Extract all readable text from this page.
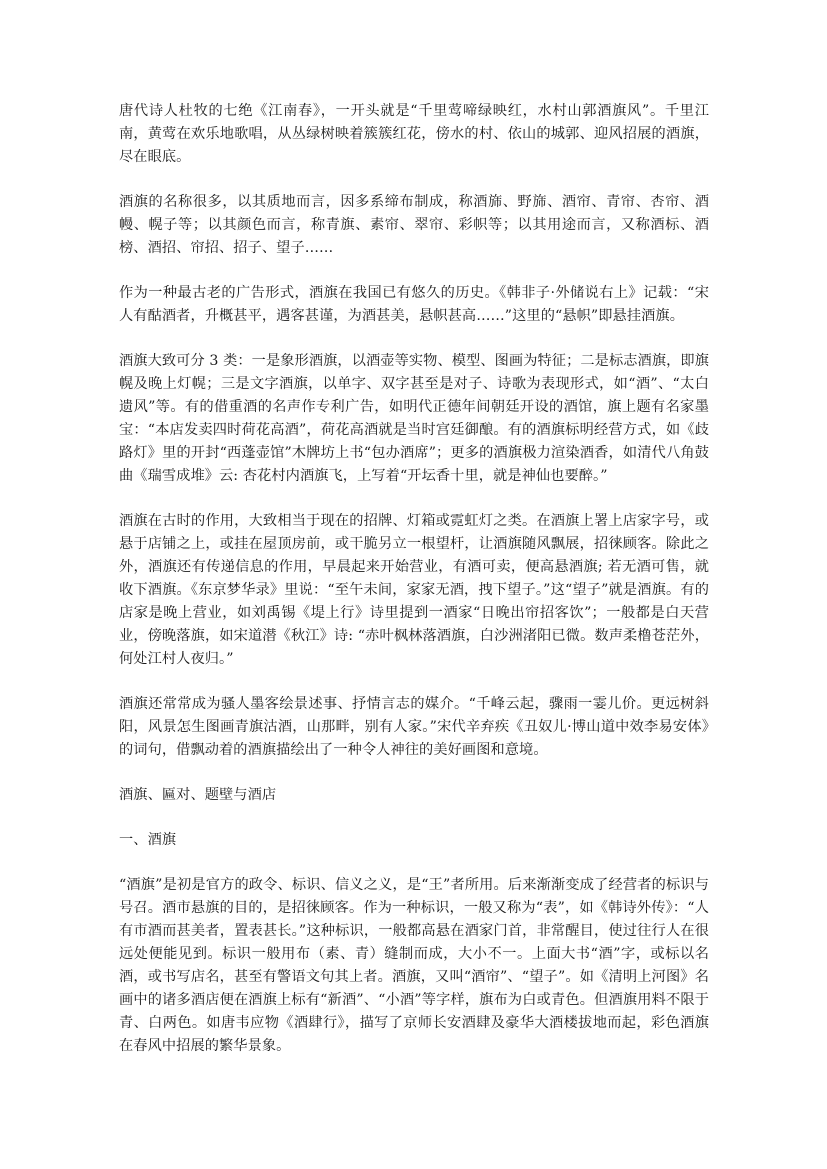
唐代诗人杜牧的七绝《江南春》，一开头就是“千里莺啼绿映红，水村山郭酒旗风”。千里江南，黄莺在欢乐地歌唱，从丛绿树映着簇簇红花，傍水的村、依山的城郭、迎风招展的酒旗，尽在眼底。

酒旗的名称很多，以其质地而言，因多系缔布制成，称酒旆、野旆、酒帘、青帘、杏帘、酒幔、幌子等；以其颜色而言，称青旗、素帘、翠帘、彩帜等；以其用途而言，又称酒标、酒榜、酒招、帘招、招子、望子……

作为一种最古老的广告形式，酒旗在我国已有悠久的历史。《韩非子·外储说右上》记载：“宋人有酤酒者，升概甚平，遇客甚谨，为酒甚美，悬帜甚高……”这里的“悬帜”即悬挂酒旗。

酒旗大致可分 3 类：一是象形酒旗，以酒壶等实物、模型、图画为特征；二是标志酒旗，即旗幌及晚上灯幌；三是文字酒旗，以单字、双字甚至是对子、诗歌为表现形式，如“酒”、“太白遗风”等。有的借重酒的名声作专利广告，如明代正德年间朝廷开设的酒馆，旗上题有名家墨宝：“本店发卖四时荷花高酒”，荷花高酒就是当时宫廷御酿。有的酒旗标明经营方式，如《歧路灯》里的开封“西蓬壶馆”木牌坊上书“包办酒席”；更多的酒旗极力渲染酒香，如清代八角鼓曲《瑞雪成堆》云: 杏花村内酒旗飞，上写着“开坛香十里，就是神仙也要醉。”

酒旗在古时的作用，大致相当于现在的招牌、灯箱或霓虹灯之类。在酒旗上署上店家字号，或悬于店铺之上，或挂在屋顶房前，或干脆另立一根望杆，让酒旗随风飘展，招徕顾客。除此之外，酒旗还有传递信息的作用，早晨起来开始营业，有酒可卖，便高悬酒旗; 若无酒可售，就收下酒旗。《东京梦华录》里说：“至午未间，家家无酒，拽下望子。”这“望子”就是酒旗。有的店家是晚上营业，如刘禹锡《堤上行》诗里提到一酒家“日晚出帘招客饮”；一般都是白天营业，傍晚落旗，如宋道潜《秋江》诗: “赤叶枫林落酒旗，白沙洲渚阳已微。数声柔橹苍茫外，何处江村人夜归。”

酒旗还常常成为骚人墨客绘景述事、抒情言志的媒介。“千峰云起，骤雨一霎儿价。更远树斜阳，风景怎生图画青旗沽酒，山那畔，别有人家。”宋代辛弃疾《丑奴儿·博山道中效李易安体》的词句，借飘动着的酒旗描绘出了一种令人神往的美好画图和意境。

酒旗、匾对、题壁与酒店

一、酒旗

“酒旗”是初是官方的政令、标识、信义之义，是“王”者所用。后来渐渐变成了经营者的标识与号召。酒市悬旗的目的，是招徕顾客。作为一种标识，一般又称为“表”，如《韩诗外传》：“人有市酒而甚美者，置表甚长。”这种标识，一般都高悬在酒家门首，非常醒目，使过往行人在很远处便能见到。标识一般用布（素、青）缝制而成，大小不一。上面大书“酒”字，或标以名酒，或书写店名，甚至有警语文句其上者。酒旗，又叫“酒帘”、“望子”。如《清明上河图》名画中的诸多酒店便在酒旗上标有“新酒”、“小酒”等字样，旗布为白或青色。但酒旗用料不限于青、白两色。如唐韦应物《酒肆行》，描写了京师长安酒肆及豪华大酒楼拔地而起，彩色酒旗在春风中招展的繁华景象。
